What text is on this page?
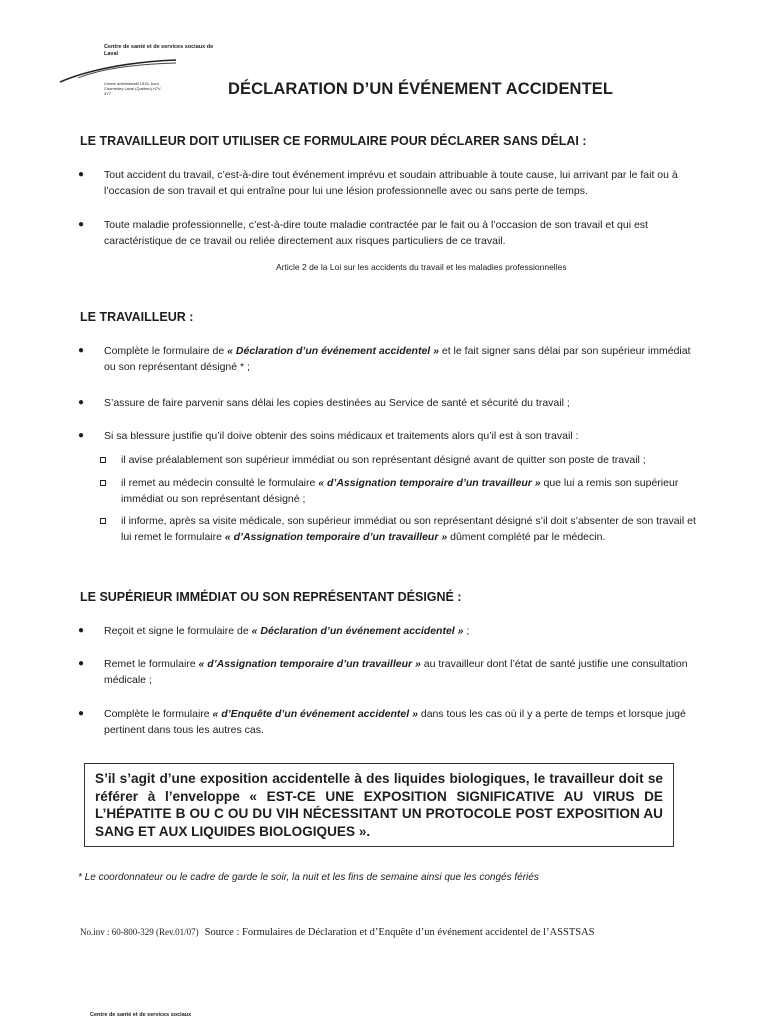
Centre de santé et de services sociaux de Laval
Centre administratif 1515, boul. Chomedey Laval (Québec) H7V 3Y7	DÉCLARATION D’UN ÉVÉNEMENT ACCIDENTEL
LE TRAVAILLEUR DOIT UTILISER CE FORMULAIRE POUR DÉCLARER SANS DÉLAI :
● Tout accident du travail, c’est-à-dire tout événement imprévu et soudain attribuable à toute cause, lui arrivant par le fait ou à l’occasion de son travail et qui entraîne pour lui une lésion professionnelle avec ou sans perte de temps.
● Toute maladie professionnelle, c’est-à-dire toute maladie contractée par le fait ou à l’occasion de son travail et qui est caractéristique de ce travail ou reliée directement aux risques particuliers de ce travail.
Article 2 de la Loi sur les accidents du travail et les maladies professionnelles
LE TRAVAILLEUR :
● Complète le formulaire de « Déclaration d’un événement accidentel » et le fait signer sans délai par son supérieur immédiat ou son représentant désigné * ;
● S’assure de faire parvenir sans délai les copies destinées au Service de santé et sécurité du travail ;
● Si sa blessure justifie qu’il doive obtenir des soins médicaux et traitements alors qu’il est à son travail :
il avise préalablement son supérieur immédiat ou son représentant désigné avant de quitter son poste de travail ;
il remet au médecin consulté le formulaire « d’Assignation temporaire d’un travailleur » que lui a remis son supérieur immédiat ou son représentant désigné ;
il informe, après sa visite médicale, son supérieur immédiat ou son représentant désigné s’il doit s’absenter de son travail et lui remet le formulaire « d’Assignation temporaire d’un travailleur » dûment complété par le médecin.
LE SUPÉRIEUR IMMÉDIAT OU SON REPRÉSENTANT DÉSIGNÉ :
● Reçoit et signe le formulaire de « Déclaration d’un événement accidentel » ;
● Remet le formulaire « d’Assignation temporaire d’un travailleur » au travailleur dont l’état de santé justifie une consultation médicale ;
● Complète le formulaire « d’Enquête d’un événement accidentel » dans tous les cas où il y a perte de temps et lorsque jugé pertinent dans tous les autres cas.
S’il s’agit d’une exposition accidentelle à des liquides biologiques, le travailleur doit se référer à l’enveloppe « EST-CE UNE EXPOSITION SIGNIFICATIVE AU VIRUS DE L’HÉPATITE B OU C OU DU VIH NÉCESSITANT UN PROTOCOLE POST EXPOSITION AU SANG ET AUX LIQUIDES BIOLOGIQUES ».
* Le coordonnateur ou le cadre de garde le soir, la nuit et les fins de semaine ainsi que les congés fériés
No.inv : 60-800-329 (Rev.01/07) Source : Formulaires de Déclaration et d’Enquête d’un événement accidentel de l’ASSTSAS
Centre de santé et de services sociaux
